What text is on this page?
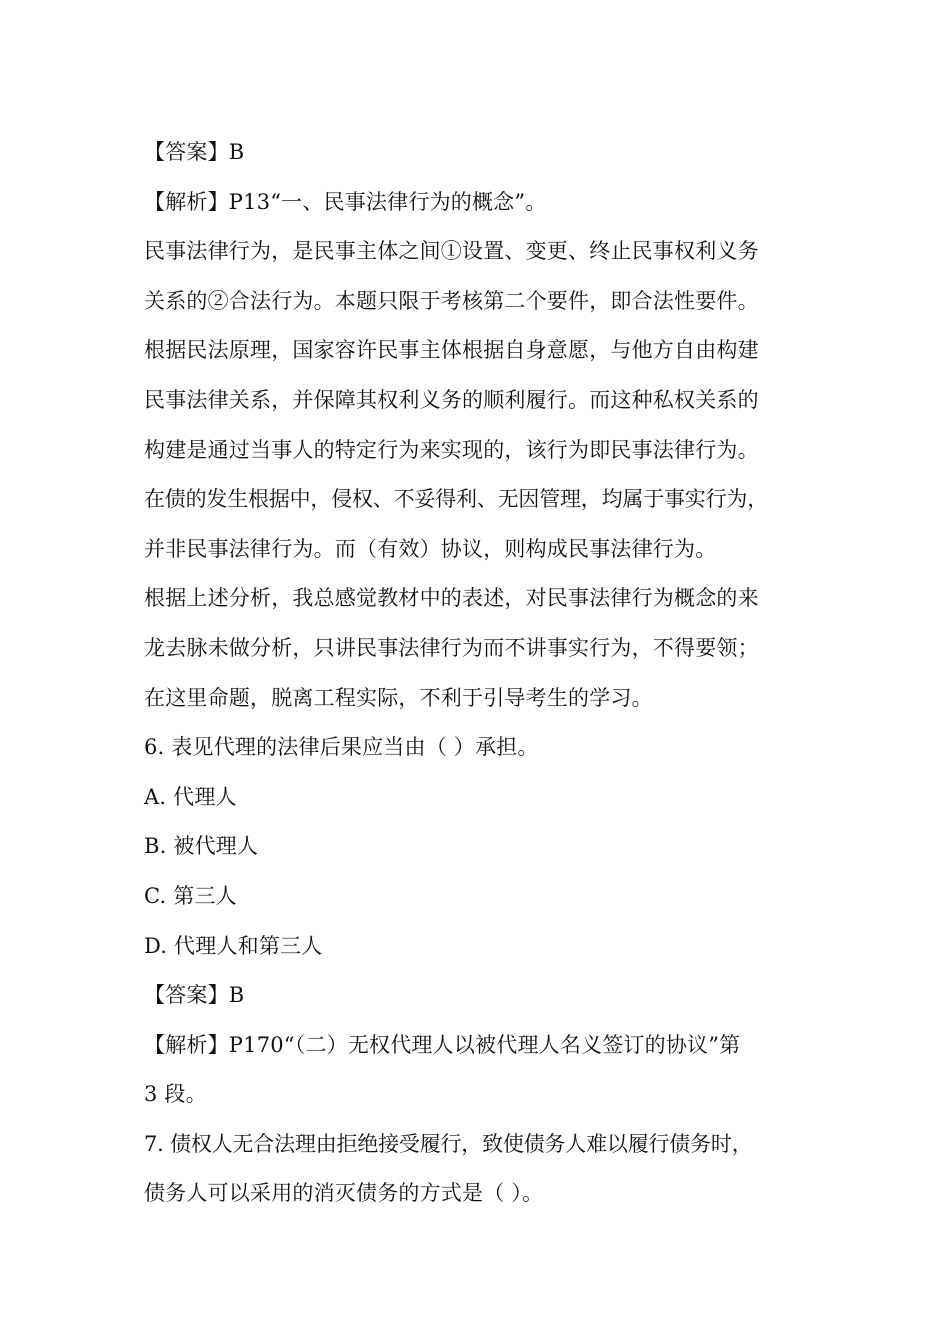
【答案】B
【解析】P13“一、民事法律行为的概念”。
民事法律行为，是民事主体之间①设置、变更、终止民事权利义务
关系的②合法行为。本题只限于考核第二个要件，即合法性要件。
根据民法原理，国家容许民事主体根据自身意愿，与他方自由构建
民事法律关系，并保障其权利义务的顺利履行。而这种私权关系的
构建是通过当事人的特定行为来实现的，该行为即民事法律行为。
在债的发生根据中，侵权、不妥得利、无因管理，均属于事实行为，
并非民事法律行为。而（有效）协议，则构成民事法律行为。
根据上述分析，我总感觉教材中的表述，对民事法律行为概念的来
龙去脉未做分析，只讲民事法律行为而不讲事实行为，不得要领；
在这里命题，脱离工程实际，不利于引导考生的学习。
6. 表见代理的法律后果应当由（ ）承担。
A. 代理人
B. 被代理人
C. 第三人
D. 代理人和第三人
【答案】B
【解析】P170“（二）无权代理人以被代理人名义签订的协议”第
3 段。
7. 债权人无合法理由拒绝接受履行，致使债务人难以履行债务时，
债务人可以采用的消灭债务的方式是（ ）。
